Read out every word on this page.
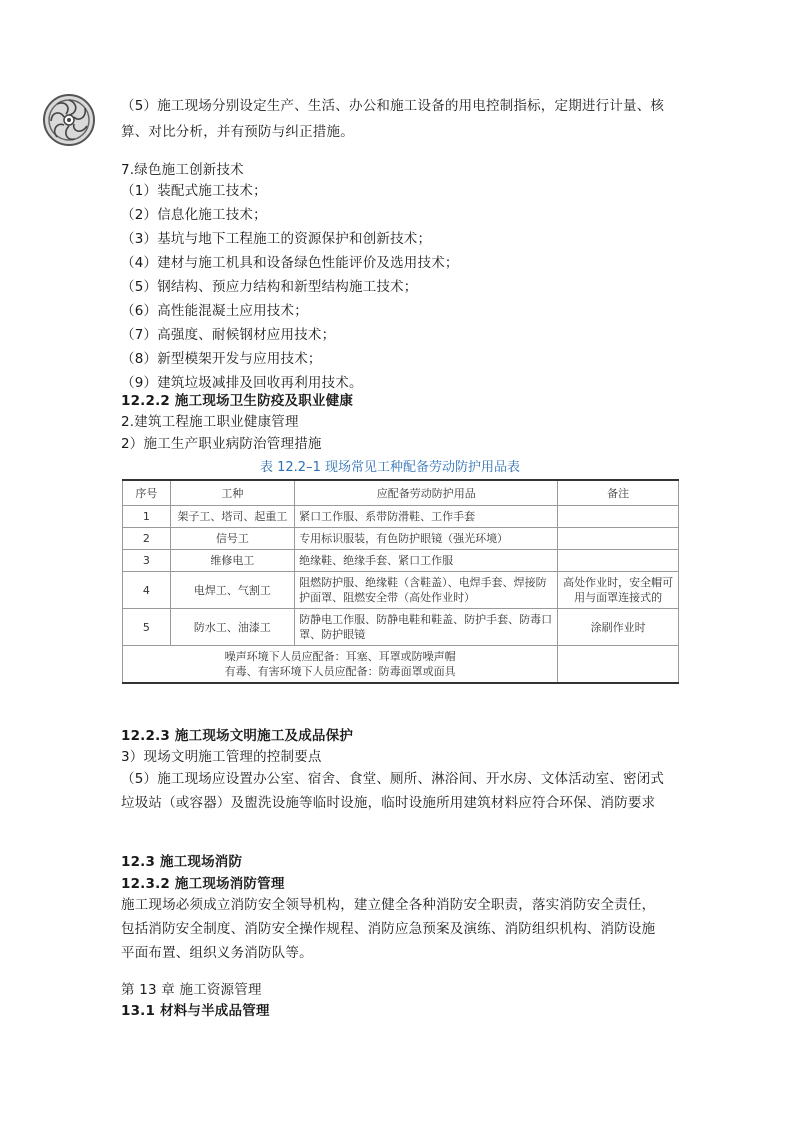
（5）施工现场分别设定生产、生活、办公和施工设备的用电控制指标，定期进行计量、核
算、对比分析，并有预防与纠正措施。
7.绿色施工创新技术
（1）装配式施工技术；
（2）信息化施工技术；
（3）基坑与地下工程施工的资源保护和创新技术；
（4）建材与施工机具和设备绿色性能评价及选用技术；
（5）钢结构、预应力结构和新型结构施工技术；
（6）高性能混凝土应用技术；
（7）高强度、耐候钢材应用技术；
（8）新型模架开发与应用技术；
（9）建筑垃圾减排及回收再利用技术。
12.2.2 施工现场卫生防疫及职业健康
2.建筑工程施工职业健康管理
2）施工生产职业病防治管理措施
表 12.2–1 现场常见工种配备劳动防护用品表
序号	工种	应配备劳动防护用品	备注
1	架子工、塔司、起重工	紧口工作服、系带防滑鞋、工作手套	
2	信号工	专用标识服装，有色防护眼镜（强光环境）	
3	维修电工	绝缘鞋、绝缘手套、紧口工作服	
4	电焊工、气割工	阻燃防护服、绝缘鞋（含鞋盖）、电焊手套、焊接防护面罩、阻燃安全带（高处作业时）	高处作业时，安全帽可用与面罩连接式的
5	防水工、油漆工	防静电工作服、防静电鞋和鞋盖、防护手套、防毒口罩、防护眼镜	涂刷作业时

噪声环境下人员应配备：耳塞、耳罩或防噪声帽
有毒、有害环境下人员应配备：防毒面罩或面具			

12.2.3 施工现场文明施工及成品保护
3）现场文明施工管理的控制要点
（5）施工现场应设置办公室、宿舍、食堂、厕所、淋浴间、开水房、文体活动室、密闭式
垃圾站（或容器）及盥洗设施等临时设施，临时设施所用建筑材料应符合环保、消防要求
12.3 施工现场消防
12.3.2 施工现场消防管理
施工现场必须成立消防安全领导机构，建立健全各种消防安全职责，落实消防安全责任，
包括消防安全制度、消防安全操作规程、消防应急预案及演练、消防组织机构、消防设施
平面布置、组织义务消防队等。
第 13 章 施工资源管理
13.1 材料与半成品管理
